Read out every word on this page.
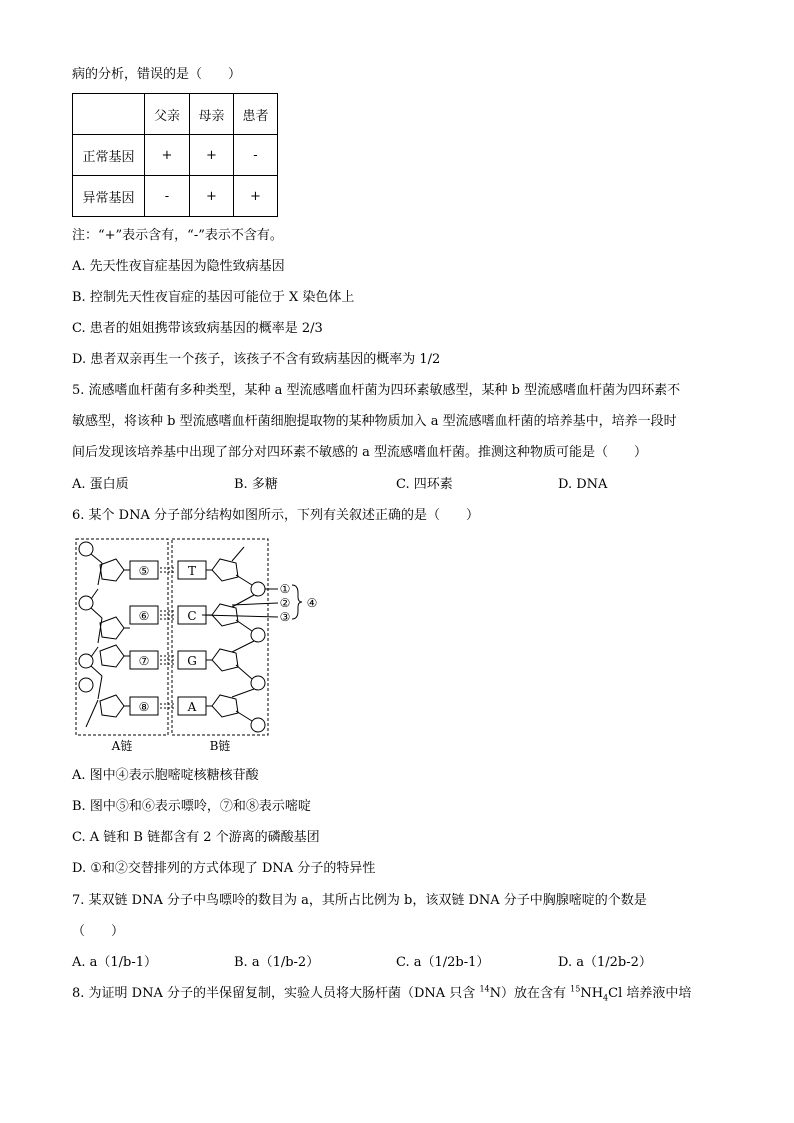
病的分析，错误的是（　　）
	父亲	母亲	患者
正常基因	+	+	-
异常基因	-	+	+
注：“+”表示含有，“-”表示不含有。
A. 先天性夜盲症基因为隐性致病基因
B. 控制先天性夜盲症的基因可能位于 X 染色体上
C. 患者的姐姐携带该致病基因的概率是 2/3
D. 患者双亲再生一个孩子，该孩子不含有致病基因的概率为 1/2
5. 流感嗜血杆菌有多种类型，某种 a 型流感嗜血杆菌为四环素敏感型，某种 b 型流感嗜血杆菌为四环素不
敏感型，将该种 b 型流感嗜血杆菌细胞提取物的某种物质加入 a 型流感嗜血杆菌的培养基中，培养一段时
间后发现该培养基中出现了部分对四环素不敏感的 a 型流感嗜血杆菌。推测这种物质可能是（　　）
A. 蛋白质	B. 多糖	C. 四环素	D. DNA
6. 某个 DNA 分子部分结构如图所示，下列有关叙述正确的是（　　）
⑤
⑥
⑦
⑧
T
C
G
A
①
②
③
④
A链	B链
A. 图中④表示胞嘧啶核糖核苷酸
B. 图中⑤和⑥表示嘌呤，⑦和⑧表示嘧啶
C. A 链和 B 链都含有 2 个游离的磷酸基团
D. ①和②交替排列的方式体现了 DNA 分子的特异性
7. 某双链 DNA 分子中鸟嘌呤的数目为 a，其所占比例为 b，该双链 DNA 分子中胸腺嘧啶的个数是
（　　）
A. a（1/b-1）	B. a（1/b-2）	C. a（1/2b-1）	D. a（1/2b-2）
8. 为证明 DNA 分子的半保留复制，实验人员将大肠杆菌（DNA 只含 $^{14}$N）放在含有 $^{15}NH_4Cl$ 培养液中培
